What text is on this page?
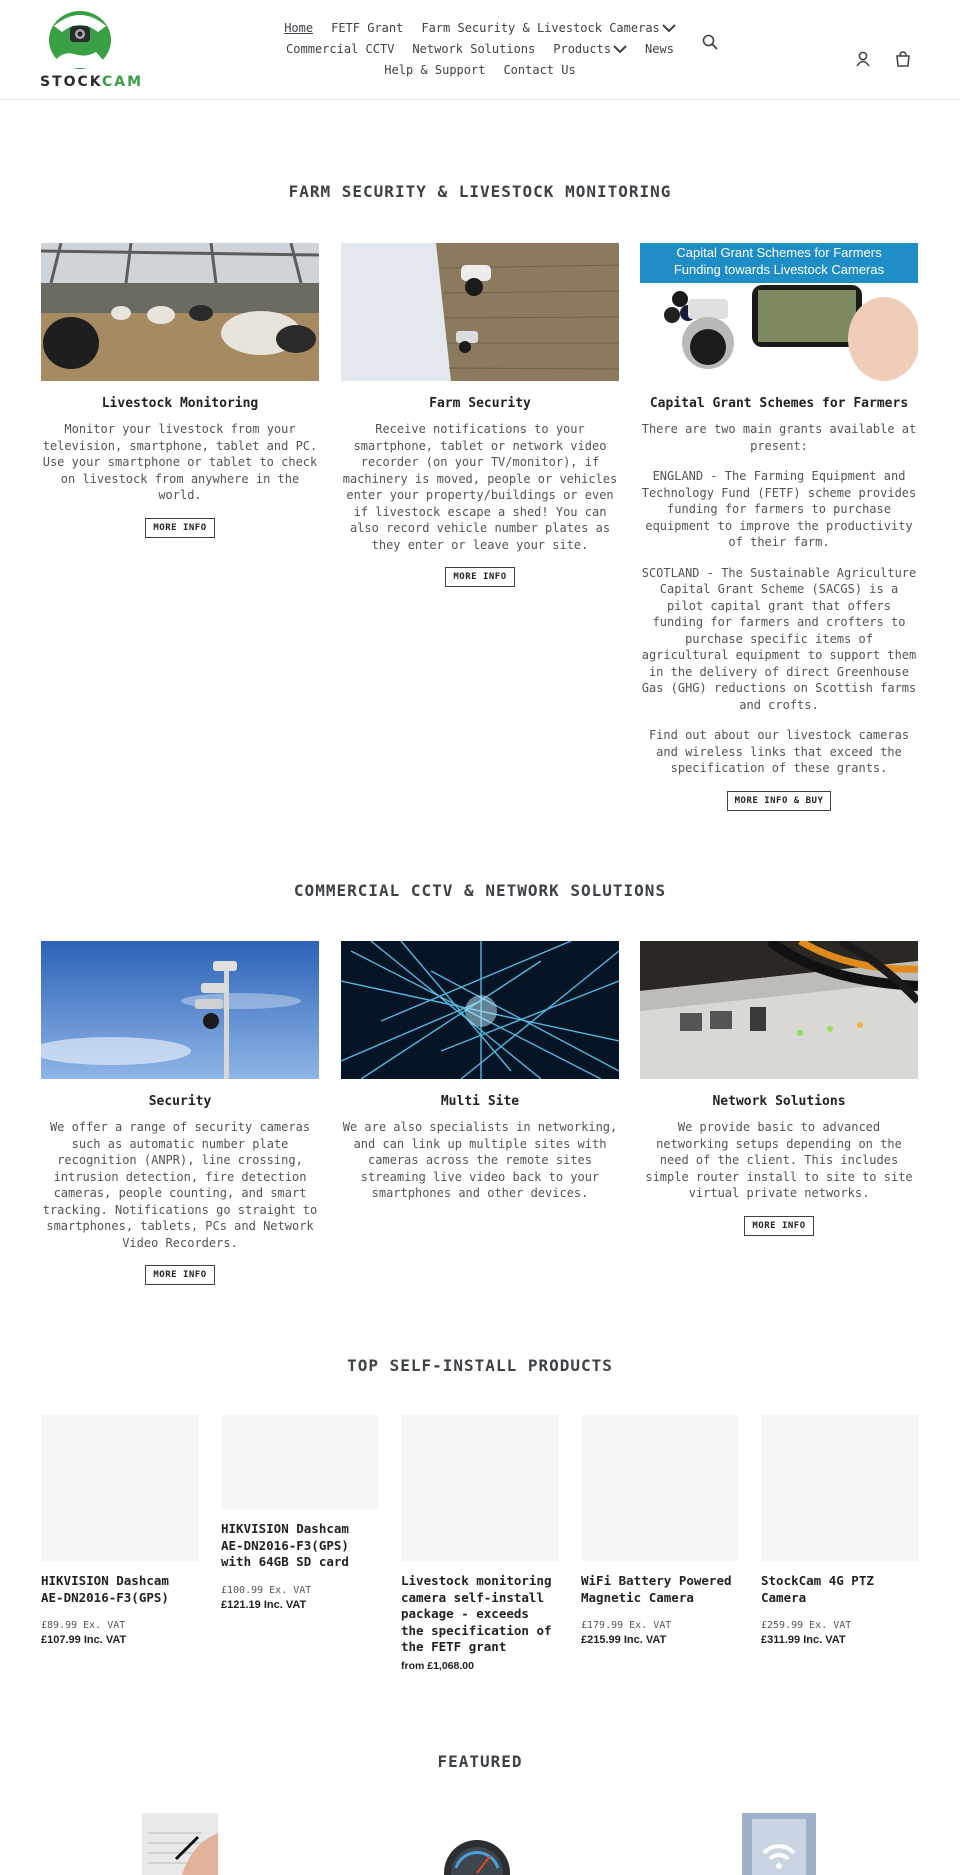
STOCKCAM
Home FETF Grant Farm Security & Livestock Cameras
Commercial CCTV Network Solutions Products	News
Help & Support Contact Us
FARM SECURITY & LIVESTOCK MONITORING
Livestock Monitoring

Monitor your livestock from your television, smartphone, tablet and PC. Use your smartphone or tablet to check on livestock from anywhere in the world.

MORE INFO
Farm Security

Receive notifications to your smartphone, tablet or network video recorder (on your TV/monitor), if machinery is moved, people or vehicles enter your property/buildings or even if livestock escape a shed! You can also record vehicle number plates as they enter or leave your site.

MORE INFO
Capital Grant Schemes for Farmers
Funding towards Livestock Cameras
Capital Grant Schemes for Farmers

There are two main grants available at present:

ENGLAND - The Farming Equipment and Technology Fund (FETF) scheme provides funding for farmers to purchase equipment to improve the productivity of their farm.

SCOTLAND - The Sustainable Agriculture Capital Grant Scheme (SACGS) is a pilot capital grant that offers funding for farmers and crofters to purchase specific items of agricultural equipment to support them in the delivery of direct Greenhouse Gas (GHG) reductions on Scottish farms and crofts.

Find out about our livestock cameras and wireless links that exceed the specification of these grants.

MORE INFO & BUY
COMMERCIAL CCTV & NETWORK SOLUTIONS
Security

We offer a range of security cameras such as automatic number plate recognition (ANPR), line crossing, intrusion detection, fire detection cameras, people counting, and smart tracking. Notifications go straight to smartphones, tablets, PCs and Network Video Recorders.

MORE INFO
Multi Site

We are also specialists in networking, and can link up multiple sites with cameras across the remote sites streaming live video back to your smartphones and other devices.

Network Solutions

We provide basic to advanced networking setups depending on the need of the client. This includes simple router install to site to site virtual private networks.

MORE INFO
TOP SELF-INSTALL PRODUCTS
HIKVISION Dashcam AE-DN2016-F3(GPS)
£89.99 Ex. VAT
£107.99 Inc. VAT
HIKVISION Dashcam AE-DN2016-F3(GPS) with 64GB SD card
£100.99 Ex. VAT
£121.19 Inc. VAT
Livestock monitoring camera self-install package - exceeds the specification of the FETF grant
from £1,068.00
WiFi Battery Powered Magnetic Camera
£179.99 Ex. VAT
£215.99 Inc. VAT
StockCam 4G PTZ Camera
£259.99 Ex. VAT
£311.99 Inc. VAT
FEATURED
